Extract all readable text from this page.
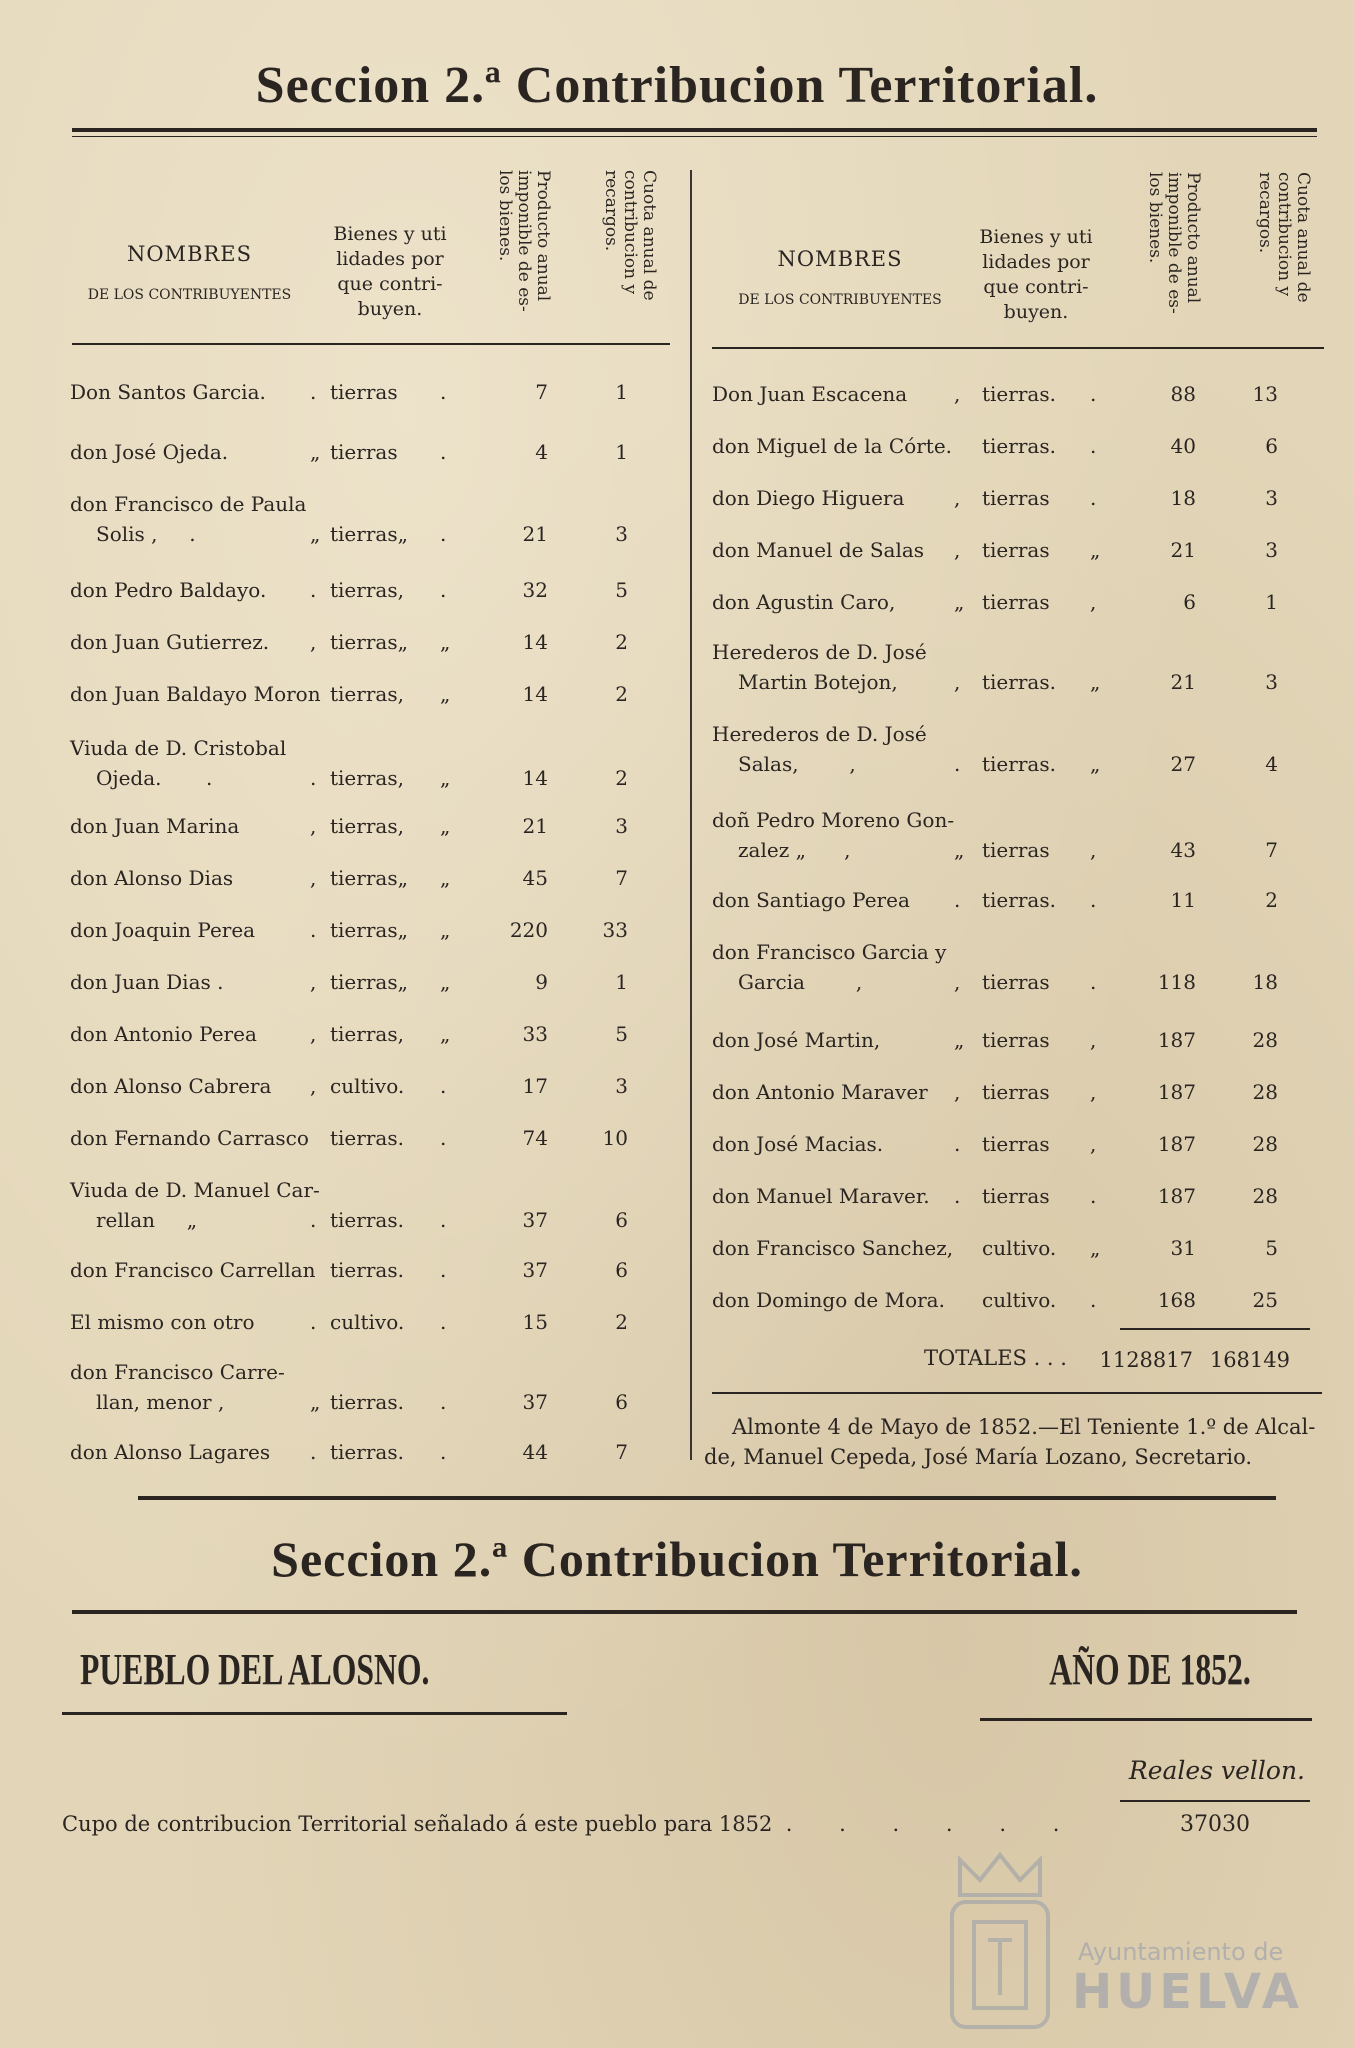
Seccion 2.ª Contribucion Territorial.
NOMBRES
DE LOS CONTRIBUYENTES
Bienes y uti lidades por que contri- buyen.
Producto anual imponible de es- los bienes.	Cuota anual de contribucion y recargos.
NOMBRES
DE LOS CONTRIBUYENTES
Bienes y uti lidades por que contri- buyen.
Producto anual imponible de es- los bienes.	Cuota anual de contribucion y recargos.
Don Santos Garcia. . tierras .	7	1
don José Ojeda.	„ tierras .	4	1
don Francisco de Paula
Solis ,     .	„ tierras„ .	21	3
don Pedro Baldayo. . tierras, .	32	5
don Juan Gutierrez. , tierras„ „	14	2
don Juan Baldayo Moron tierras, „	14	2
Viuda de D. Cristobal
Ojeda.       .	. tierras, „	14	2
don Juan Marina	, tierras, „	21	3
don Alonso Dias	, tierras„ „	45	7
don Joaquin Perea	. tierras„ „	220	33
don Juan Dias .	, tierras„ „	9	1
don Antonio Perea	, tierras, „	33	5
don Alonso Cabrera , cultivo. .	17	3
don Fernando Carrasco tierras. .	74	10
Viuda de D. Manuel Car-
rellan     „	. tierras. .	37	6
don Francisco Carrellan tierras. .	37	6
El mismo con otro	. cultivo. .	15	2
don Francisco Carre-
llan, menor ,	„ tierras. .	37	6
don Alonso Lagares . tierras. .	44	7
Don Juan Escacena , tierras. .	88	13
don Miguel de la Córte. tierras. .	40	6
don Diego Higuera , tierras .	18	3
don Manuel de Salas , tierras „	21	3
don Agustin Caro,	„ tierras ,	6	1
Herederos de D. José
Martin Botejon,	, tierras. „	21	3
Herederos de D. José
Salas,        ,	. tierras. „	27	4
doñ Pedro Moreno Gon-
zalez „      ,	„ tierras ,	43	7
don Santiago Perea . tierras. .	11	2
don Francisco Garcia y
Garcia        ,	, tierras .	118	18
don José Martin,	„ tierras ,	187	28
don Antonio Maraver , tierras ,	187	28
don José Macias.	. tierras ,	187	28
don Manuel Maraver. . tierras .	187	28
don Francisco Sanchez, cultivo. „	31	5
don Domingo de Mora. cultivo. .	168	25
TOTALES . . .	1128817 168149
Almonte 4 de Mayo de 1852.—El Teniente 1.º de Alcal-
de, Manuel Cepeda, José María Lozano, Secretario.
Seccion 2.ª Contribucion Territorial.
PUEBLO DEL ALOSNO.	AÑO DE 1852.
Reales vellon.
Cupo de contribucion Territorial señalado á este pueblo para 1852  .       .       .       .       .       .	37030
Ayuntamiento de
HUELVA
